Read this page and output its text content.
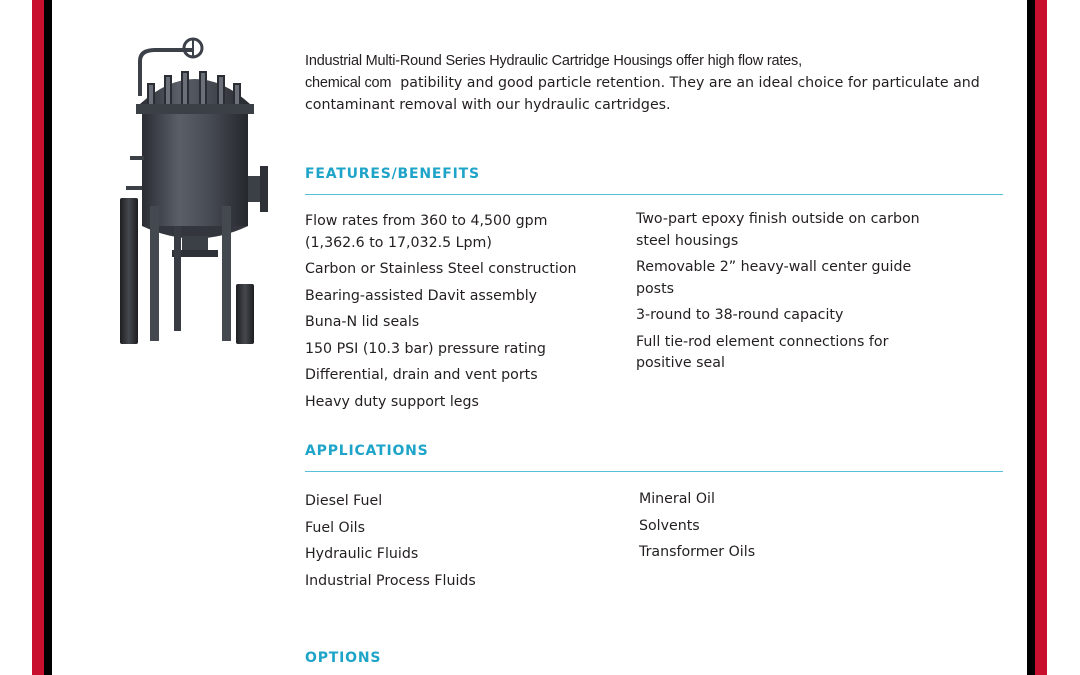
Industrial Multi-Round Series Hydraulic Cartridge Housings offer high flow rates,
chemical com patibility and good particle retention. They are an ideal choice for particulate and
contaminant removal with our hydraulic cartridges.

FEATURES/BENEFITS
Flow rates from 360 to 4,500 gpm
(1,362.6 to 17,032.5 Lpm)
Carbon or Stainless Steel construction
Bearing-assisted Davit assembly
Buna-N lid seals
150 PSI (10.3 bar) pressure rating
Differential, drain and vent ports
Heavy duty support legs
Two-part epoxy finish outside on carbon
steel housings
Removable 2” heavy-wall center guide
posts
3-round to 38-round capacity
Full tie-rod element connections for
positive seal
APPLICATIONS
Diesel Fuel
Fuel Oils
Hydraulic Fluids
Industrial Process Fluids
Mineral Oil
Solvents
Transformer Oils
OPTIONS
